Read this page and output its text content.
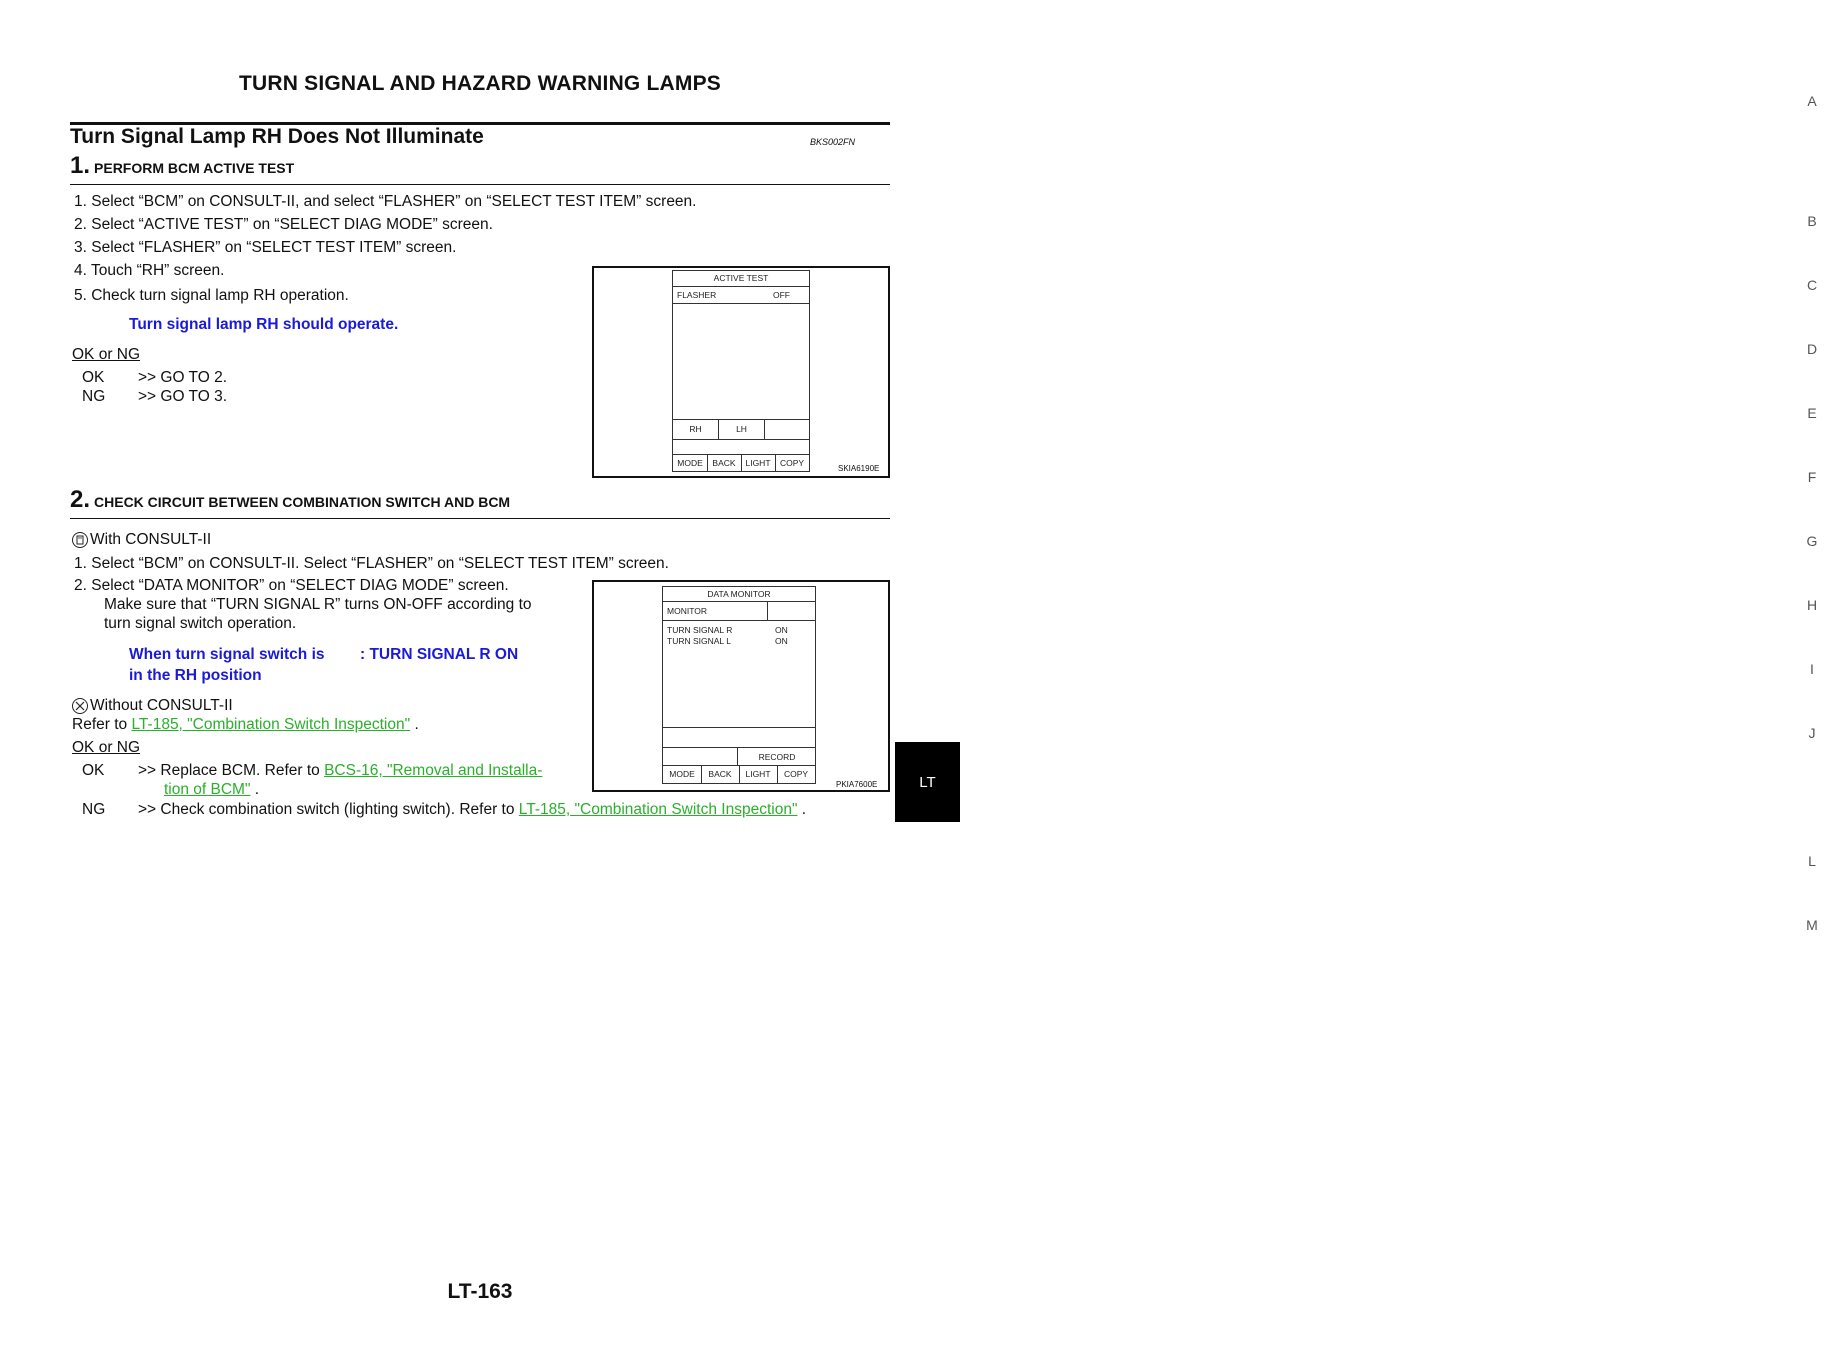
TURN SIGNAL AND HAZARD WARNING LAMPS
Turn Signal Lamp RH Does Not Illuminate	BKS002FN
1. PERFORM BCM ACTIVE TEST
1. Select “BCM” on CONSULT-II, and select “FLASHER” on “SELECT TEST ITEM” screen.
2. Select “ACTIVE TEST” on “SELECT DIAG MODE” screen.
3. Select “FLASHER” on “SELECT TEST ITEM” screen.
4. Touch “RH” screen.
5. Check turn signal lamp RH operation.
Turn signal lamp RH should operate.
OK or NG
OK >> GO TO 2.
NG >> GO TO 3.
ACTIVE TEST
FLASHER	OFF
RH	LH
MODE	BACK	LIGHT	COPY
SKIA6190E
2. CHECK CIRCUIT BETWEEN COMBINATION SWITCH AND BCM
With CONSULT-II
1. Select “BCM” on CONSULT-II. Select “FLASHER” on “SELECT TEST ITEM” screen.
2. Select “DATA MONITOR” on “SELECT DIAG MODE” screen.
Make sure that “TURN SIGNAL R” turns ON-OFF according to
turn signal switch operation.
When turn signal switch is
in the RH position
: TURN SIGNAL R ON
Without CONSULT-II
Refer to LT-185, "Combination Switch Inspection" .
OK or NG
OK >> Replace BCM. Refer to BCS-16, "Removal and Installa-
tion of BCM" .
NG >> Check combination switch (lighting switch). Refer to LT-185, "Combination Switch Inspection" .
DATA MONITOR
MONITOR
TURN SIGNAL R	ON
TURN SIGNAL L	ON
RECORD
MODE	BACK	LIGHT	COPY
PKIA7600E
A
B
C
D
E
F
G
H
I
J
L
M
LT
LT-163
